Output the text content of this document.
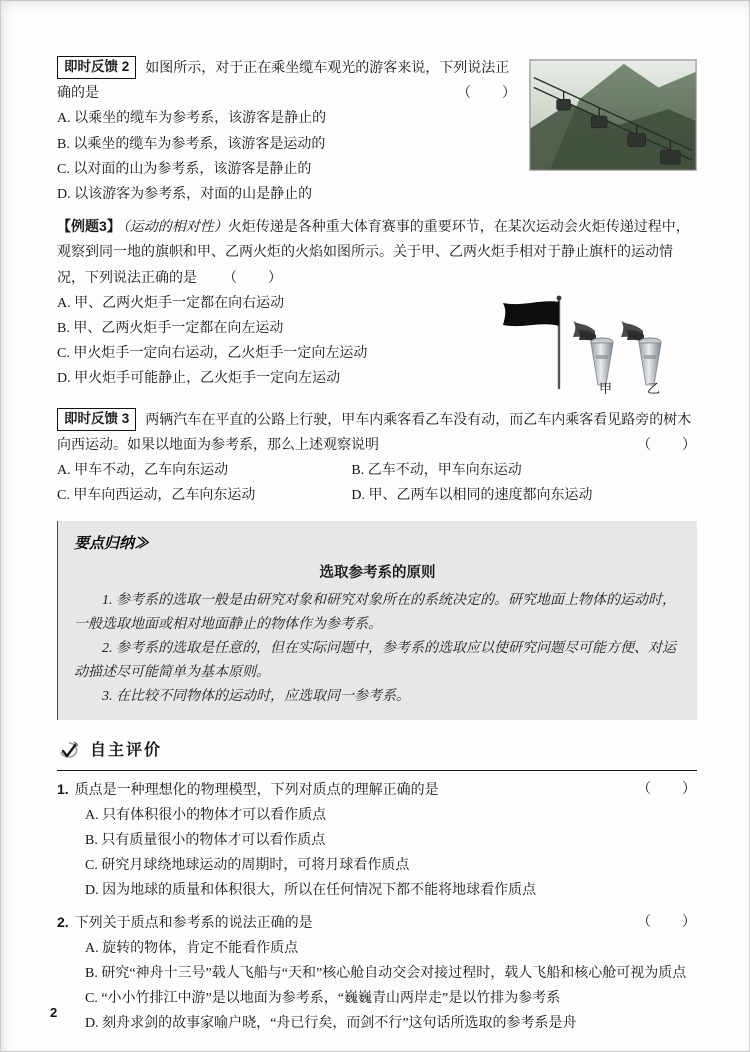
即时反馈 2 如图所示，对于正在乘坐缆车观光的游客来说，下列说法正确的是	（　　）

A. 以乘坐的缆车为参考系，该游客是静止的
B. 以乘坐的缆车为参考系，该游客是运动的
C. 以对面的山为参考系，该游客是静止的
D. 以该游客为参考系，对面的山是静止的

【例题3】 （运动的相对性）火炬传递是各种重大体育赛事的重要环节，在某次运动会火炬传递过程中，观察到同一地的旗帜和甲、乙两火炬的火焰如图所示。关于甲、乙两火炬手相对于静止旗杆的运动情况，下列说法正确的是 （　　）

甲	乙
A. 甲、乙两火炬手一定都在向右运动
B. 甲、乙两火炬手一定都在向左运动
C. 甲火炬手一定向右运动，乙火炬手一定向左运动
D. 甲火炬手可能静止，乙火炬手一定向左运动

即时反馈 3 两辆汽车在平直的公路上行驶，甲车内乘客看乙车没有动，而乙车内乘客看见路旁的树木向西运动。如果以地面为参考系，那么上述观察说明	（　　）

A. 甲车不动，乙车向东运动	B. 乙车不动，甲车向东运动
C. 甲车向西运动，乙车向东运动	D. 甲、乙两车以相同的速度都向东运动
要点归纳≫
选取参考系的原则

1. 参考系的选取一般是由研究对象和研究对象所在的系统决定的。研究地面上物体的运动时，一般选取地面或相对地面静止的物体作为参考系。

2. 参考系的选取是任意的，但在实际问题中，参考系的选取应以使研究问题尽可能方便、对运动描述尽可能简单为基本原则。

3. 在比较不同物体的运动时，应选取同一参考系。

自主评价

1. 质点是一种理想化的物理模型，下列对质点的理解正确的是	（　　）

A. 只有体积很小的物体才可以看作质点
B. 只有质量很小的物体才可以看作质点
C. 研究月球绕地球运动的周期时，可将月球看作质点
D. 因为地球的质量和体积很大，所以在任何情况下都不能将地球看作质点

2. 下列关于质点和参考系的说法正确的是	（　　）

A. 旋转的物体，肯定不能看作质点
B. 研究“神舟十三号”载人飞船与“天和”核心舱自动交会对接过程时，载人飞船和核心舱可视为质点
C. “小小竹排江中游”是以地面为参考系，“巍巍青山两岸走”是以竹排为参考系
D. 刻舟求剑的故事家喻户晓，“舟已行矣，而剑不行”这句话所选取的参考系是舟
2
